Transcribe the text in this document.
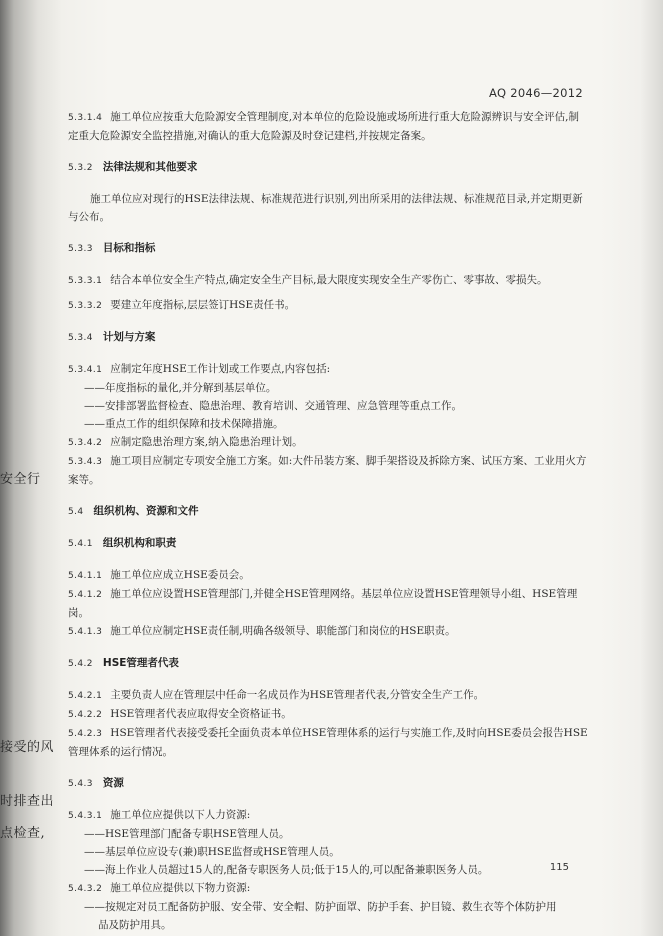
安全行
接受的风
时排查出
点检查,
AQ 2046—2012

5.3.1.4 施工单位应按重大危险源安全管理制度,对本单位的危险设施或场所进行重大危险源辨识与安全评估,制定重大危险源安全监控措施,对确认的重大危险源及时登记建档,并按规定备案。

5.3.2 法律法规和其他要求

施工单位应对现行的HSE法律法规、标准规范进行识别,列出所采用的法律法规、标准规范目录,并定期更新与公布。

5.3.3 目标和指标

5.3.3.1 结合本单位安全生产特点,确定安全生产目标,最大限度实现安全生产零伤亡、零事故、零损失。

5.3.3.2 要建立年度指标,层层签订HSE责任书。

5.3.4 计划与方案

5.3.4.1 应制定年度HSE工作计划或工作要点,内容包括:

——年度指标的量化,并分解到基层单位。

——安排部署监督检查、隐患治理、教育培训、交通管理、应急管理等重点工作。

——重点工作的组织保障和技术保障措施。

5.3.4.2 应制定隐患治理方案,纳入隐患治理计划。

5.3.4.3 施工项目应制定专项安全施工方案。如:大件吊装方案、脚手架搭设及拆除方案、试压方案、工业用火方案等。

5.4 组织机构、资源和文件

5.4.1 组织机构和职责

5.4.1.1 施工单位应成立HSE委员会。

5.4.1.2 施工单位应设置HSE管理部门,并健全HSE管理网络。基层单位应设置HSE管理领导小组、HSE管理岗。

5.4.1.3 施工单位应制定HSE责任制,明确各级领导、职能部门和岗位的HSE职责。

5.4.2 HSE管理者代表

5.4.2.1 主要负责人应在管理层中任命一名成员作为HSE管理者代表,分管安全生产工作。

5.4.2.2 HSE管理者代表应取得安全资格证书。

5.4.2.3 HSE管理者代表接受委托全面负责本单位HSE管理体系的运行与实施工作,及时向HSE委员会报告HSE管理体系的运行情况。

5.4.3 资源

5.4.3.1 施工单位应提供以下人力资源:

——HSE管理部门配备专职HSE管理人员。

——基层单位应设专(兼)职HSE监督或HSE管理人员。

——海上作业人员超过15人的,配备专职医务人员;低于15人的,可以配备兼职医务人员。

5.4.3.2 施工单位应提供以下物力资源:

——按规定对员工配备防护服、安全带、安全帽、防护面罩、防护手套、护目镜、救生衣等个体防护用

品及防护用具。

115
